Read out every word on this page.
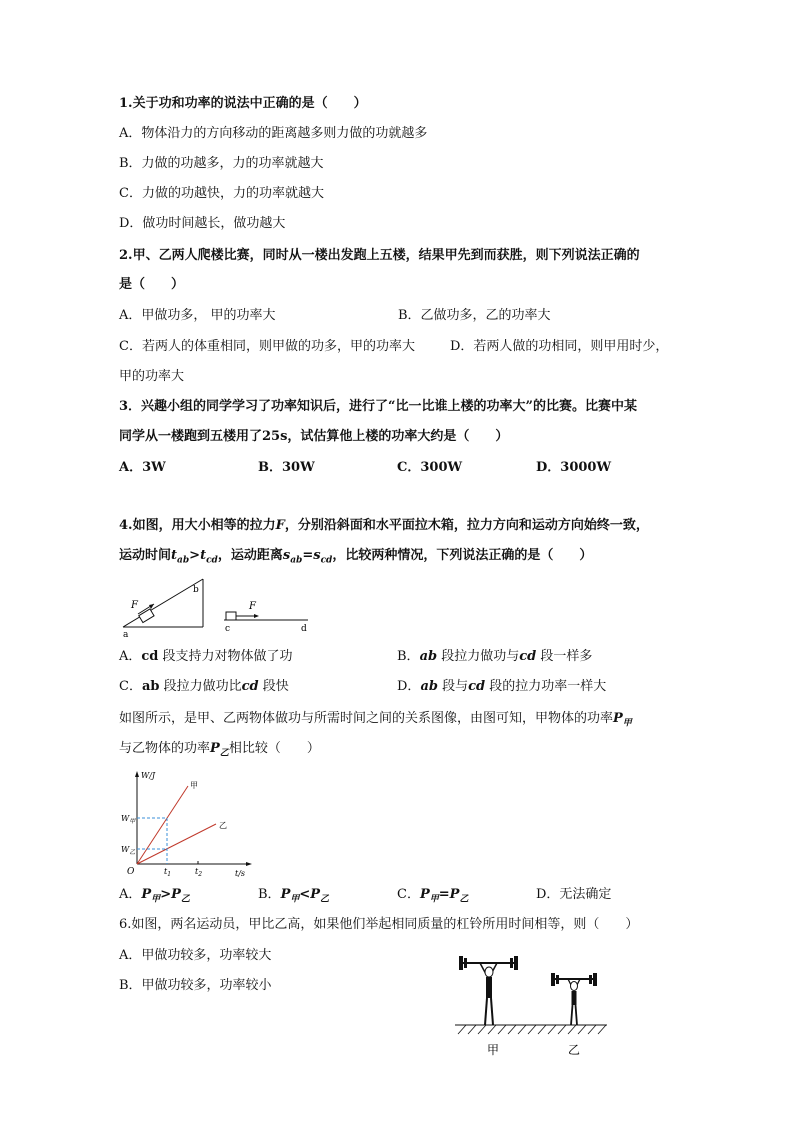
1.关于功和功率的说法中正确的是（　　）
A．物体沿力的方向移动的距离越多则力做的功就越多
B．力做的功越多，力的功率就越大
C．力做的功越快，力的功率就越大
D．做功时间越长，做功越大
2.甲、乙两人爬楼比赛，同时从一楼出发跑上五楼，结果甲先到而获胜，则下列说法正确的
是（　　）
A．甲做功多， 甲的功率大	B．乙做功多，乙的功率大
C．若两人的体重相同，则甲做的功多，甲的功率大	D．若两人做的功相同，则甲用时少，
甲的功率大
3．兴趣小组的同学学习了功率知识后，进行了“比一比谁上楼的功率大”的比赛。比赛中某
同学从一楼跑到五楼用了25s，试估算他上楼的功率大约是（　　）
A．3W	B．30W	C．300W	D．3000W
4.如图，用大小相等的拉力F，分别沿斜面和水平面拉木箱，拉力方向和运动方向始终一致，
运动时间$t_{ab}>t_{cd}$，运动距离$s_{ab}=s_{cd}$，比较两种情况，下列说法正确的是（　　）
F
a
b
F
c	d
A．cd 段支持力对物体做了功	B．ab 段拉力做功与cd 段一样多
C．ab 段拉力做功比cd 段快	D．ab 段与cd 段的拉力功率一样大
如图所示，是甲、乙两物体做功与所需时间之间的关系图像，由图可知，甲物体的功率$P_甲$
与乙物体的功率$P_乙$相比较（　　）
W/J
t/s
O
$W_甲$
$W_乙$
$t_1$	$t_2$
甲
乙
A．$P_甲>P_乙$	B．$P_甲<P_乙$	C．$P_甲=P_乙$	D．无法确定
6.如图，两名运动员，甲比乙高，如果他们举起相同质量的杠铃所用时间相等，则（　　）
A．甲做功较多，功率较大
B．甲做功较多，功率较小
甲	乙
